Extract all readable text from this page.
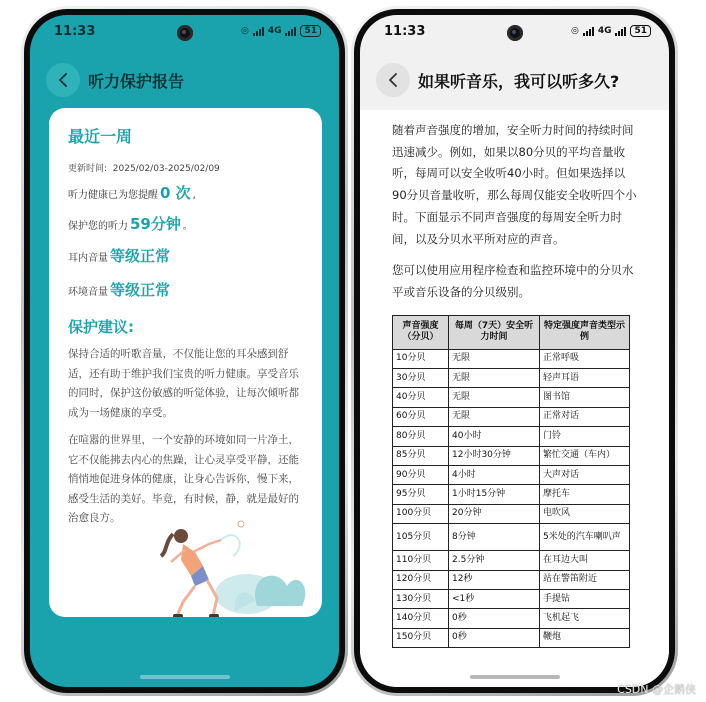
11:33	◎ 4G	51
听力保护报告
最近一周
更新时间: 2025/02/03-2025/02/09
听力健康已为您提醒 0 次 ,
保护您的听力 59分钟 。
耳内音量 等级正常
环境音量 等级正常
保护建议:

保持合适的听歌音量，不仅能让您的耳朵感到舒适，还有助于维护我们宝贵的听力健康。享受音乐的同时，保护这份敏感的听觉体验，让每次倾听都成为一场健康的享受。

在喧嚣的世界里，一个安静的环境如同一片净土，它不仅能拂去内心的焦躁，让心灵享受平静，还能悄悄地促进身体的健康，让身心告诉你，慢下来，感受生活的美好。毕竟，有时候，静，就是最好的治愈良方。

11:33	◎ 4G	51
如果听音乐，我可以听多久?

随着声音强度的增加，安全听力时间的持续时间迅速减少。例如，如果以80分贝的平均音量收听，每周可以安全收听40小时。但如果选择以90分贝音量收听，那么每周仅能安全收听四个小时。下面显示不同声音强度的每周安全听力时间，以及分贝水平所对应的声音。

您可以使用应用程序检查和监控环境中的分贝水平或音乐设备的分贝级别。

声音强度（分贝）	每周（7天）安全听力时间	特定强度声音类型示例
10分贝	无限	正常呼吸
30分贝	无限	轻声耳语
40分贝	无限	图书馆
60分贝	无限	正常对话
80分贝	40小时	门铃
85分贝	12小时30分钟	繁忙交通（车内）
90分贝	4小时	大声对话
95分贝	1小时15分钟	摩托车
100分贝	20分钟	电吹风
105分贝	8分钟	5米处的汽车喇叭声
110分贝	2.5分钟	在耳边大叫
120分贝	12秒	站在警笛附近
130分贝	<1秒	手提钻
140分贝	0秒	飞机起飞
150分贝	0秒	鞭炮
CSDN @企鹅侠
